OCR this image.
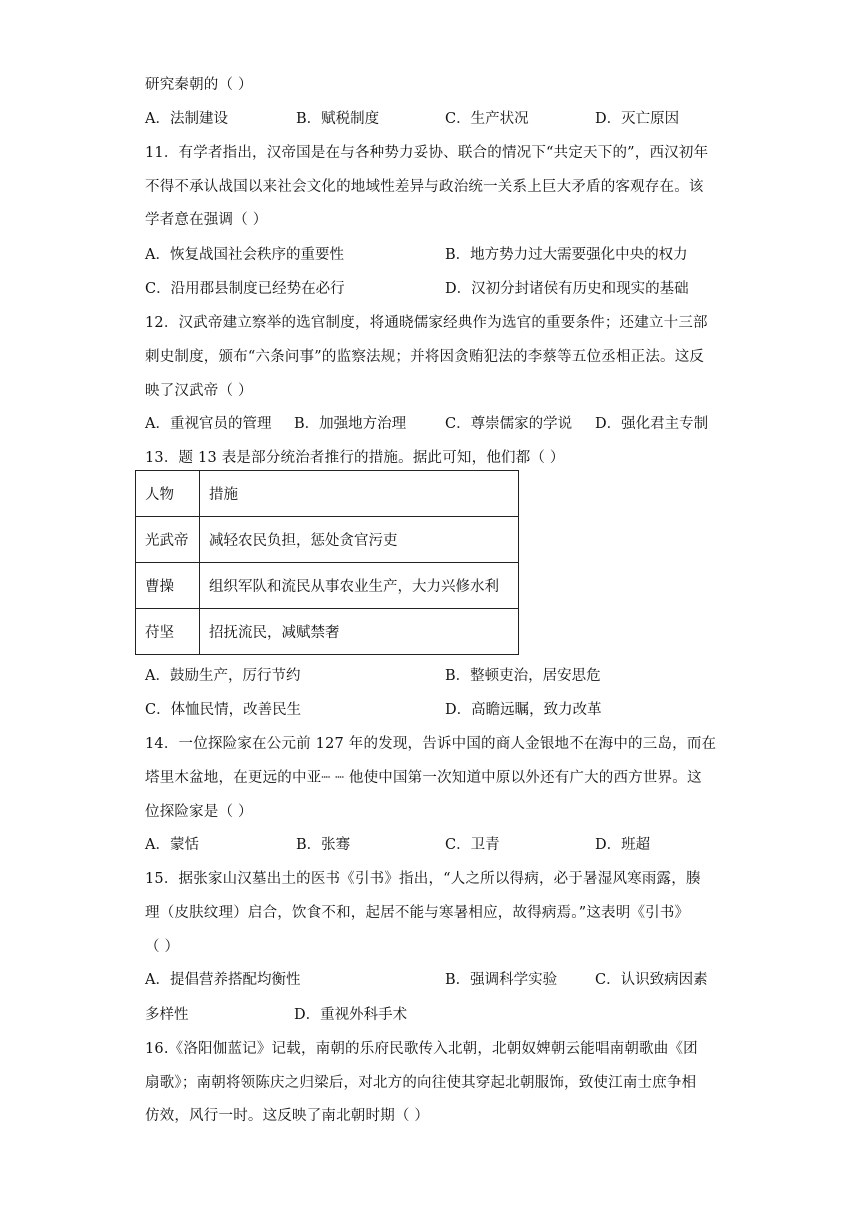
研究秦朝的（ ）
A．法制建设	B．赋税制度	C．生产状况	D．灭亡原因
11．有学者指出，汉帝国是在与各种势力妥协、联合的情况下“共定天下的”，西汉初年
不得不承认战国以来社会文化的地域性差异与政治统一关系上巨大矛盾的客观存在。该
学者意在强调（ ）
A．恢复战国社会秩序的重要性	B．地方势力过大需要强化中央的权力
C．沿用郡县制度已经势在必行	D．汉初分封诸侯有历史和现实的基础
12．汉武帝建立察举的选官制度，将通晓儒家经典作为选官的重要条件；还建立十三部
刺史制度，颁布“六条问事”的监察法规；并将因贪贿犯法的李蔡等五位丞相正法。这反
映了汉武帝（ ）
A．重视官员的管理 B．加强地方治理	C．尊崇儒家的学说 D．强化君主专制
13．题 13 表是部分统治者推行的措施。据此可知，他们都（ ）
人物	措施
光武帝	减轻农民负担，惩处贪官污吏
曹操	组织军队和流民从事农业生产，大力兴修水利
苻坚	招抚流民，减赋禁奢
A．鼓励生产，厉行节约	B．整顿吏治，居安思危
C．体恤民情，改善民生	D．高瞻远瞩，致力改革
14．一位探险家在公元前 127 年的发现，告诉中国的商人金银地不在海中的三岛，而在
塔里木盆地，在更远的中亚┈ ┈ 他使中国第一次知道中原以外还有广大的西方世界。这
位探险家是（ ）
A．蒙恬	B．张骞	C．卫青	D．班超
15．据张家山汉墓出土的医书《引书》指出，“人之所以得病，必于暑湿风寒雨露，腠
理（皮肤纹理）启合，饮食不和，起居不能与寒暑相应，故得病焉。”这表明《引书》
（ ）
A．提倡营养搭配均衡性	B．强调科学实验	C．认识致病因素
多样性	D．重视外科手术
16.《洛阳伽蓝记》记载，南朝的乐府民歌传入北朝，北朝奴婢朝云能唱南朝歌曲《团
扇歌》；南朝将领陈庆之归梁后，对北方的向往使其穿起北朝服饰，致使江南士庶争相
仿效，风行一时。这反映了南北朝时期（ ）
